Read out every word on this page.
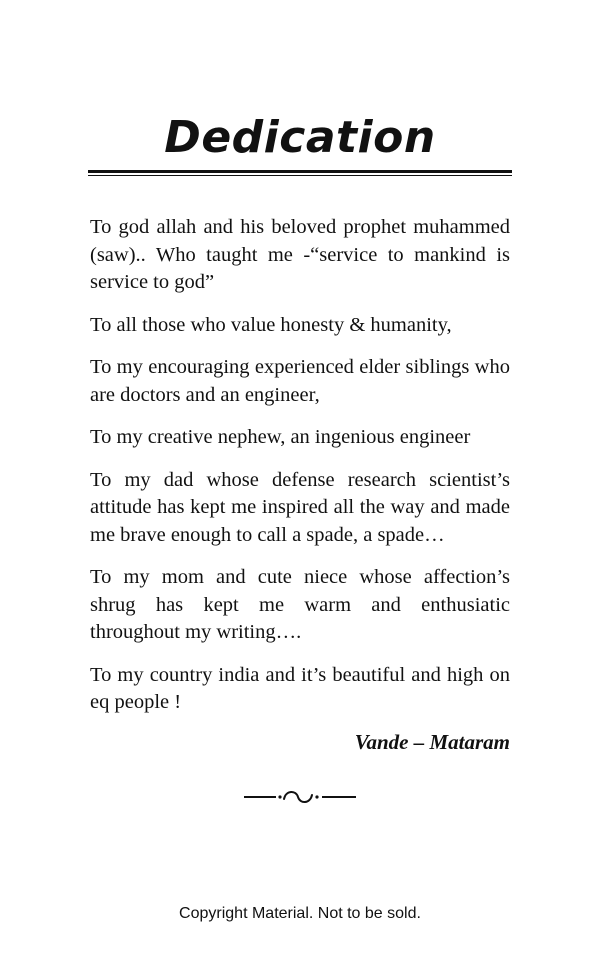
Dedication

To god allah and his beloved prophet muhammed (saw).. Who taught me -“service to mankind is service to god”

To all those who value honesty & humanity,

To my encouraging experienced elder siblings who are doctors and an engineer,

To my creative nephew, an ingenious engineer

To my dad whose defense research scientist’s attitude has kept me inspired all the way and made me brave enough to call a spade, a spade…

To my mom and cute niece whose affection’s shrug has kept me warm and enthusiatic throughout my writing….

To my country india and it’s beautiful and high on eq people !

Vande – Mataram
Copyright Material. Not to be sold.
